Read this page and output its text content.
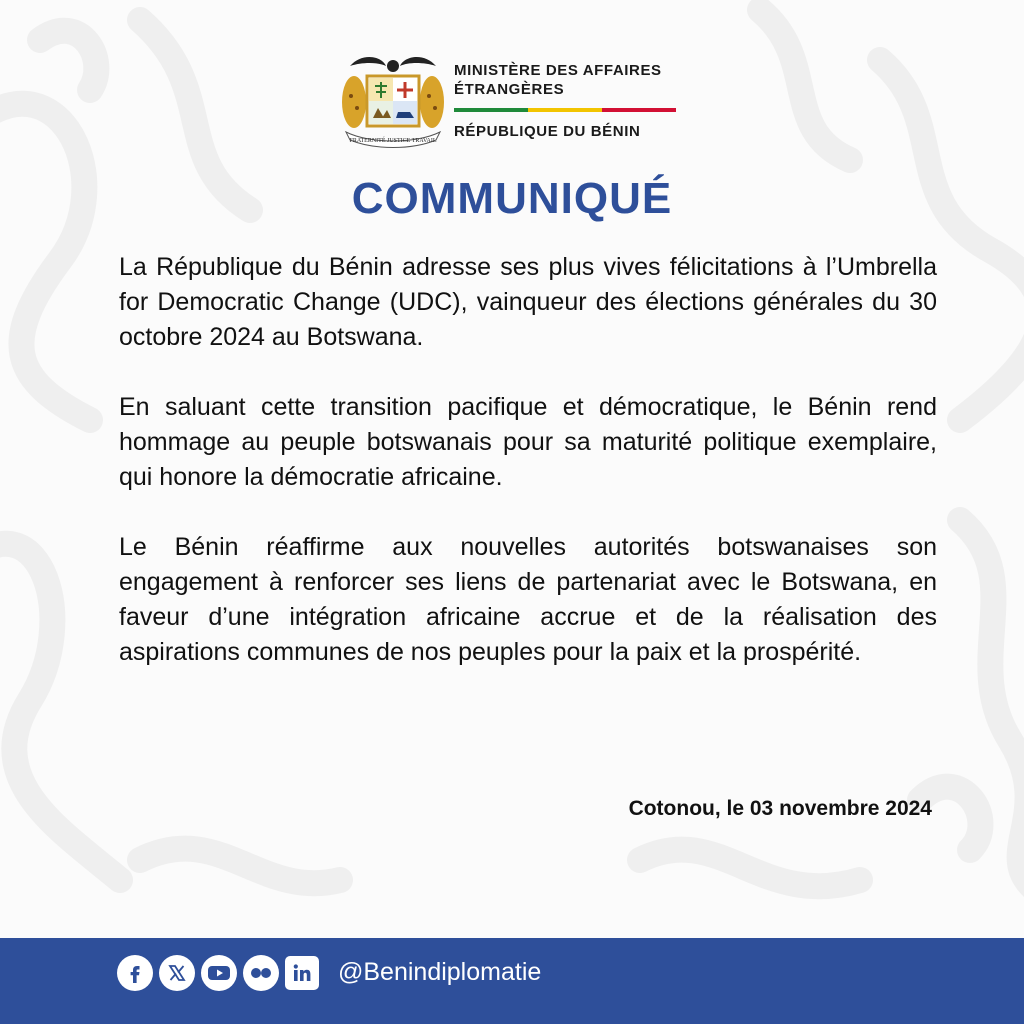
FRATERNITÉ JUSTICE TRAVAIL
MINISTÈRE DES AFFAIRES
ÉTRANGÈRES
RÉPUBLIQUE DU BÉNIN
COMMUNIQUÉ

La République du Bénin adresse ses plus vives félicitations à l’Umbrella for Democratic Change (UDC), vainqueur des élections générales du 30 octobre 2024 au Botswana.

En saluant cette transition pacifique et démocratique, le Bénin rend hommage au peuple botswanais pour sa maturité politique exemplaire, qui honore la démocratie africaine.

Le Bénin réaffirme aux nouvelles autorités botswanaises son engagement à renforcer ses liens de partenariat avec le Botswana, en faveur d’une intégration africaine accrue et de la réalisation des aspirations communes de nos peuples pour la paix et la prospérité.

Cotonou, le 03 novembre 2024
@Benindiplomatie
